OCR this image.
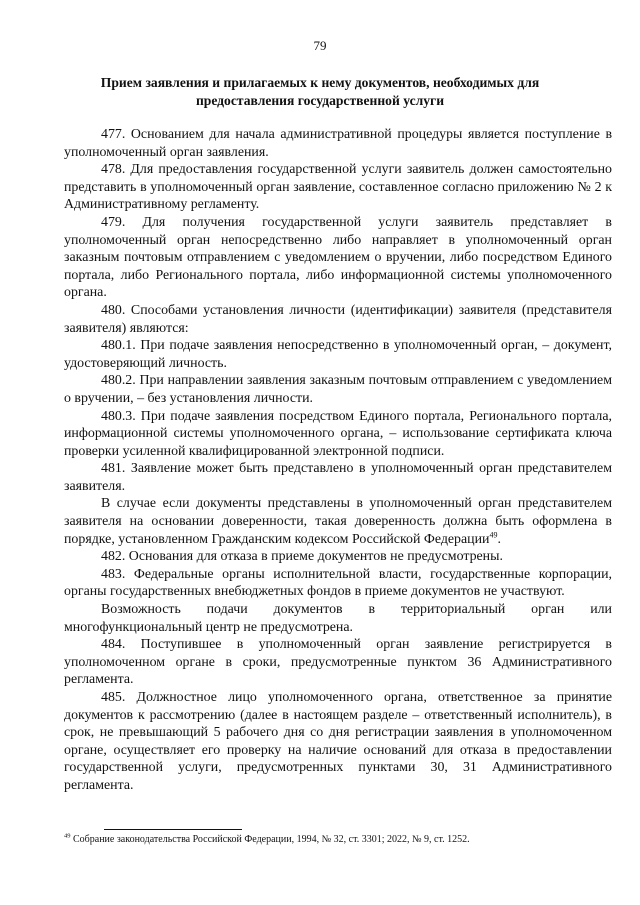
79
Прием заявления и прилагаемых к нему документов, необходимых для предоставления государственной услуги

477. Основанием для начала административной процедуры является поступление в уполномоченный орган заявления.

478. Для предоставления государственной услуги заявитель должен самостоятельно представить в уполномоченный орган заявление, составленное согласно приложению № 2 к Административному регламенту.

479. Для получения государственной услуги заявитель представляет в уполномоченный орган непосредственно либо направляет в уполномоченный орган заказным почтовым отправлением с уведомлением о вручении, либо посредством Единого портала, либо Регионального портала, либо информационной системы уполномоченного органа.

480. Способами установления личности (идентификации) заявителя (представителя заявителя) являются:

480.1. При подаче заявления непосредственно в уполномоченный орган, – документ, удостоверяющий личность.

480.2. При направлении заявления заказным почтовым отправлением с уведомлением о вручении, – без установления личности.

480.3. При подаче заявления посредством Единого портала, Регионального портала, информационной системы уполномоченного органа, – использование сертификата ключа проверки усиленной квалифицированной электронной подписи.

481. Заявление может быть представлено в уполномоченный орган представителем заявителя.

В случае если документы представлены в уполномоченный орган представителем заявителя на основании доверенности, такая доверенность должна быть оформлена в порядке, установленном Гражданским кодексом Российской Федерации$^{49}$.

482. Основания для отказа в приеме документов не предусмотрены.

483. Федеральные органы исполнительной власти, государственные корпорации, органы государственных внебюджетных фондов в приеме документов не участвуют.

Возможность подачи документов в территориальный орган или многофункциональный центр не предусмотрена.

484. Поступившее в уполномоченный орган заявление регистрируется в уполномоченном органе в сроки, предусмотренные пунктом 36 Административного регламента.

485. Должностное лицо уполномоченного органа, ответственное за принятие документов к рассмотрению (далее в настоящем разделе – ответственный исполнитель), в срок, не превышающий 5 рабочего дня со дня регистрации заявления в уполномоченном органе, осуществляет его проверку на наличие оснований для отказа в предоставлении государственной услуги, предусмотренных пунктами 30, 31 Административного регламента.

$^{49}$ Собрание законодательства Российской Федерации, 1994, № 32, ст. 3301; 2022, № 9, ст. 1252.
